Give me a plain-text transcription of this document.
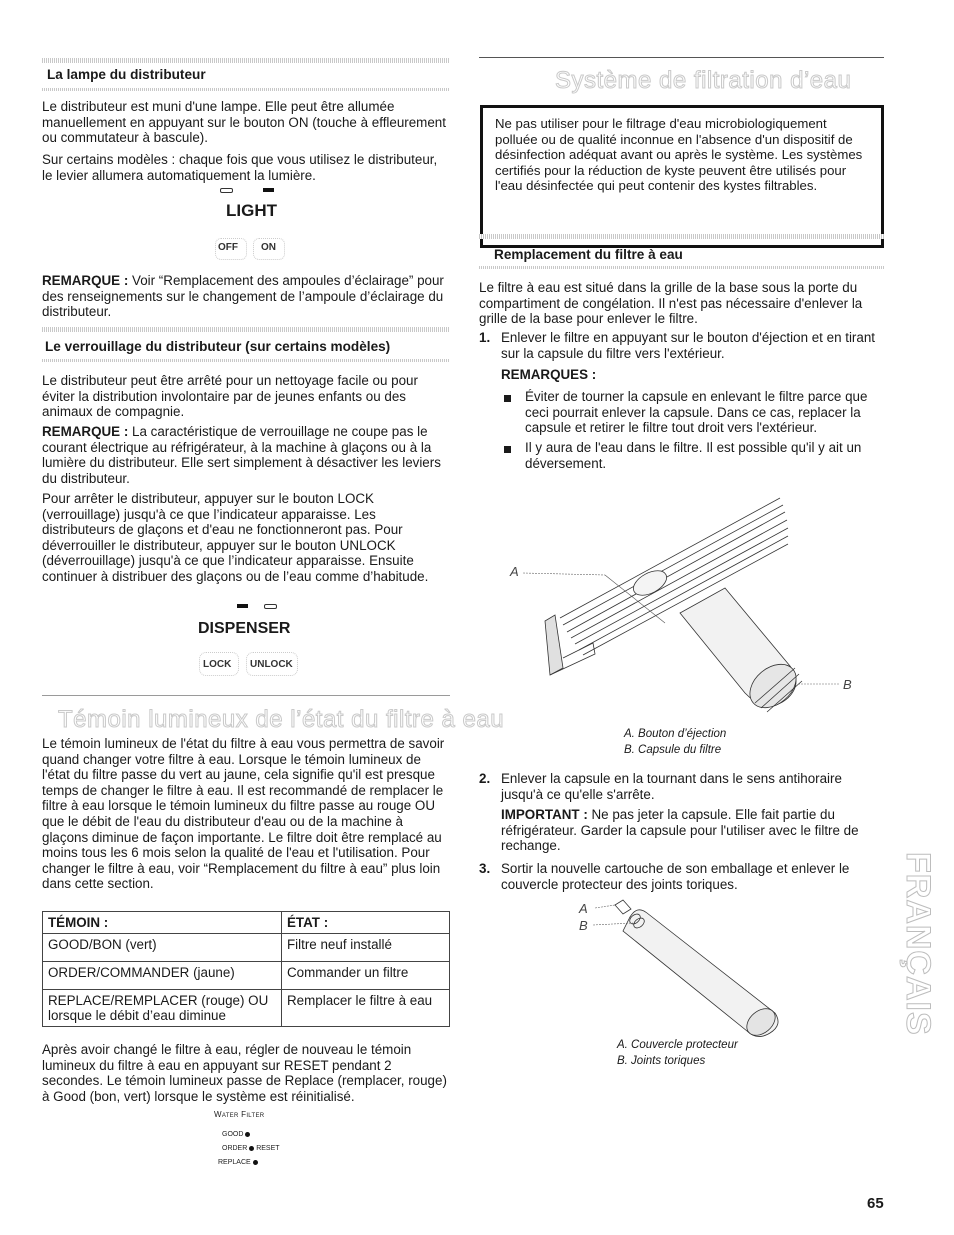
La lampe du distributeur

Le distributeur est muni d'une lampe. Elle peut être allumée manuellement en appuyant sur le bouton ON (touche à effleurement ou commutateur à bascule).

Sur certains modèles : chaque fois que vous utilisez le distributeur, le levier allumera automatiquement la lumière.

LIGHT
OFF ON

REMARQUE : Voir “Remplacement des ampoules d’éclairage” pour des renseignements sur le changement de l’ampoule d’éclairage du distributeur.

Le verrouillage du distributeur (sur certains modèles)

Le distributeur peut être arrêté pour un nettoyage facile ou pour éviter la distribution involontaire par de jeunes enfants ou des animaux de compagnie.

REMARQUE : La caractéristique de verrouillage ne coupe pas le courant électrique au réfrigérateur, à la machine à glaçons ou à la lumière du distributeur. Elle sert simplement à désactiver les leviers du distributeur.

Pour arrêter le distributeur, appuyer sur le bouton LOCK (verrouillage) jusqu'à ce que l’indicateur apparaisse. Les distributeurs de glaçons et d'eau ne fonctionneront pas. Pour déverrouiller le distributeur, appuyer sur le bouton UNLOCK (déverrouillage) jusqu'à ce que l’indicateur apparaisse. Ensuite continuer à distribuer des glaçons ou de l’eau comme d’habitude.

DISPENSER
LOCK UNLOCK
Témoin lumineux de l’état du filtre à eau

Le témoin lumineux de l'état du filtre à eau vous permettra de savoir quand changer votre filtre à eau. Lorsque le témoin lumineux de l'état du filtre passe du vert au jaune, cela signifie qu'il est presque temps de changer le filtre à eau. Il est recommandé de remplacer le filtre à eau lorsque le témoin lumineux du filtre passe au rouge OU que le débit de l'eau du distributeur d'eau ou de la machine à glaçons diminue de façon importante. Le filtre doit être remplacé au moins tous les 6 mois selon la qualité de l'eau et l'utilisation. Pour changer le filtre à eau, voir “Remplacement du filtre à eau” plus loin dans cette section.

TÉMOIN :	ÉTAT :
GOOD/BON (vert)	Filtre neuf installé
ORDER/COMMANDER (jaune)	Commander un filtre
REPLACE/REMPLACER (rouge) OU lorsque le débit d’eau diminue	Remplacer le filtre à eau

Après avoir changé le filtre à eau, régler de nouveau le témoin lumineux du filtre à eau en appuyant sur RESET pendant 2 secondes. Le témoin lumineux passe de Replace (remplacer, rouge) à Good (bon, vert) lorsque le système est réinitialisé.

Water Filter
GOOD
ORDER RESET
REPLACE
Système de filtration d’eau

Ne pas utiliser pour le filtrage d'eau microbiologiquement polluée ou de qualité inconnue en l'absence d'un dispositif de désinfection adéquat avant ou après le système. Les systèmes certifiés pour la réduction de kyste peuvent être utilisés pour l'eau désinfectée qui peut contenir des kystes filtrables.

Remplacement du filtre à eau

Le filtre à eau est situé dans la grille de la base sous la porte du compartiment de congélation. Il n'est pas nécessaire d'enlever la grille de la base pour enlever le filtre.

1. Enlever le filtre en appuyant sur le bouton d'éjection et en tirant sur la capsule du filtre vers l'extérieur.

REMARQUES :

Éviter de tourner la capsule en enlevant le filtre parce que ceci pourrait enlever la capsule. Dans ce cas, replacer la capsule et retirer le filtre tout droit vers l'extérieur.

Il y aura de l'eau dans le filtre. Il est possible qu'il y ait un déversement.

A
B
A. Bouton d’éjection
B. Capsule du filtre
2. Enlever la capsule en la tournant dans le sens antihoraire jusqu'à ce qu'elle s'arrête.

IMPORTANT : Ne pas jeter la capsule. Elle fait partie du réfrigérateur. Garder la capsule pour l'utiliser avec le filtre de rechange.

3. Sortir la nouvelle cartouche de son emballage et enlever le couvercle protecteur des joints toriques.

A
B
A. Couvercle protecteur
B. Joints toriques
FRANÇAIS
65
